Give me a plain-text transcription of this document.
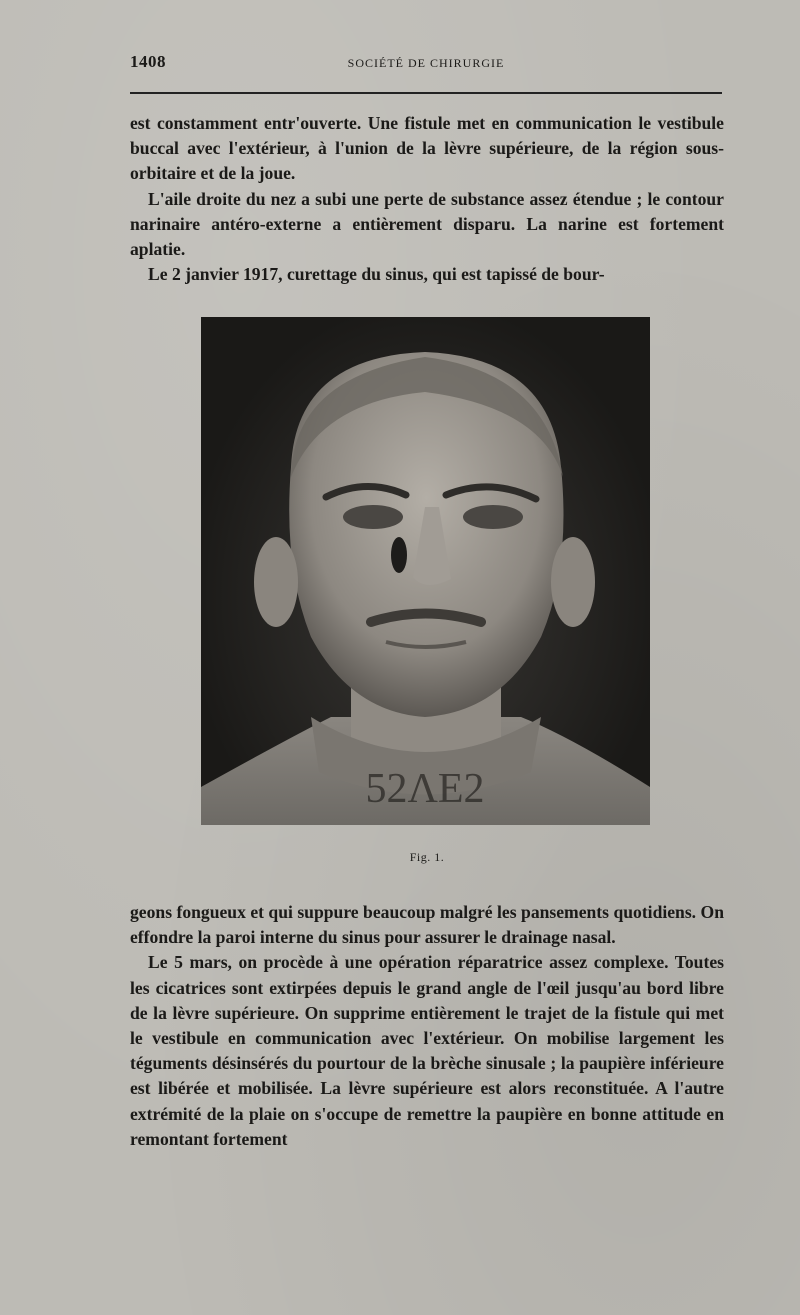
1408	SOCIÉTÉ DE CHIRURGIE

est constamment entr'ouverte. Une fistule met en communication le vestibule buccal avec l'extérieur, à l'union de la lèvre supérieure, de la région sous-orbitaire et de la joue.

L'aile droite du nez a subi une perte de substance assez étendue ; le contour narinaire antéro-externe a entièrement disparu. La narine est fortement aplatie.

Le 2 janvier 1917, curettage du sinus, qui est tapissé de bour-

52ΛΕ2
Fig. 1.

geons fongueux et qui suppure beaucoup malgré les pansements quotidiens. On effondre la paroi interne du sinus pour assurer le drainage nasal.

Le 5 mars, on procède à une opération réparatrice assez complexe. Toutes les cicatrices sont extirpées depuis le grand angle de l'œil jusqu'au bord libre de la lèvre supérieure. On supprime entièrement le trajet de la fistule qui met le vestibule en communication avec l'extérieur. On mobilise largement les téguments désinsérés du pourtour de la brèche sinusale ; la paupière inférieure est libérée et mobilisée. La lèvre supérieure est alors reconstituée. A l'autre extrémité de la plaie on s'occupe de remettre la paupière en bonne attitude en remontant fortement
